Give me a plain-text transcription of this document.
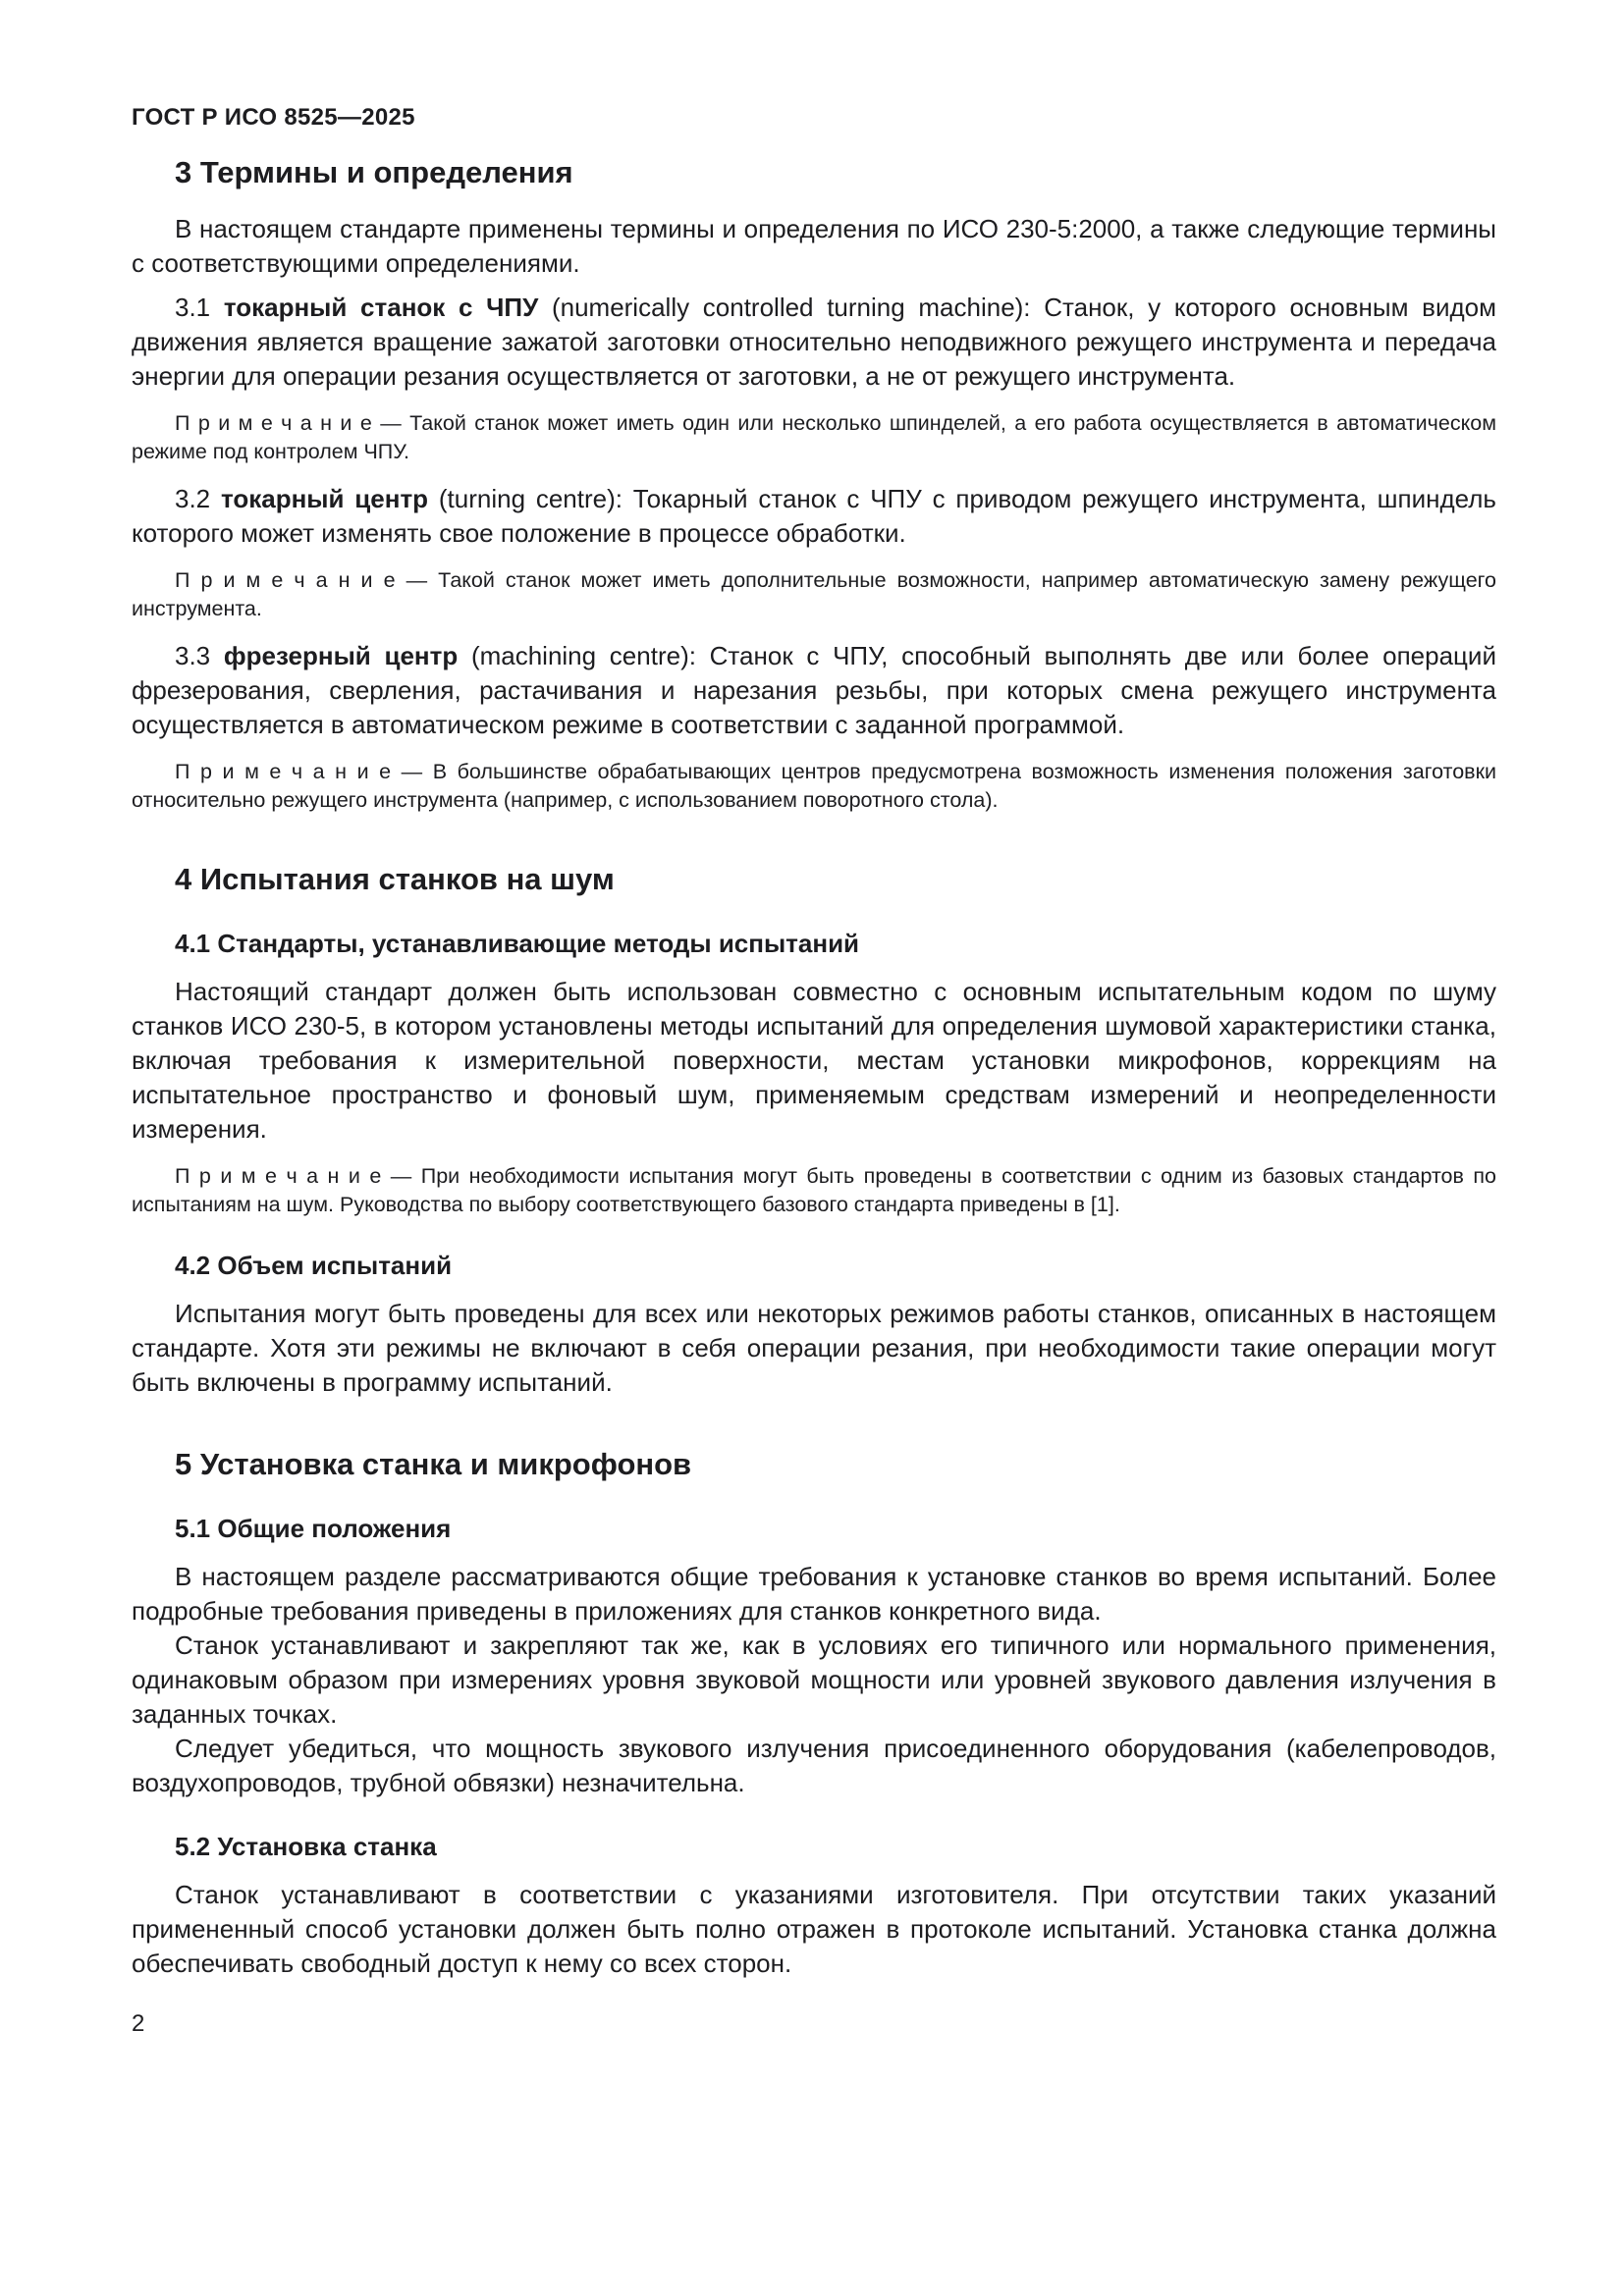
ГОСТ Р ИСО 8525—2025
3 Термины и определения

В настоящем стандарте применены термины и определения по ИСО 230-5:2000, а также следующие термины с соответствующими определениями.

3.1 токарный станок с ЧПУ (numerically controlled turning machine): Станок, у которого основным видом движения является вращение зажатой заготовки относительно неподвижного режущего инструмента и передача энергии для операции резания осуществляется от заготовки, а не от режущего инструмента.

П р и м е ч а н и е — Такой станок может иметь один или несколько шпинделей, а его работа осуществляется в автоматическом режиме под контролем ЧПУ.

3.2 токарный центр (turning centre): Токарный станок с ЧПУ с приводом режущего инструмента, шпиндель которого может изменять свое положение в процессе обработки.

П р и м е ч а н и е — Такой станок может иметь дополнительные возможности, например автоматическую замену режущего инструмента.

3.3 фрезерный центр (machining centre): Станок с ЧПУ, способный выполнять две или более операций фрезерования, сверления, растачивания и нарезания резьбы, при которых смена режущего инструмента осуществляется в автоматическом режиме в соответствии с заданной программой.

П р и м е ч а н и е — В большинстве обрабатывающих центров предусмотрена возможность изменения положения заготовки относительно режущего инструмента (например, с использованием поворотного стола).

4 Испытания станков на шум
4.1 Стандарты, устанавливающие методы испытаний

Настоящий стандарт должен быть использован совместно с основным испытательным кодом по шуму станков ИСО 230-5, в котором установлены методы испытаний для определения шумовой характеристики станка, включая требования к измерительной поверхности, местам установки микрофонов, коррекциям на испытательное пространство и фоновый шум, применяемым средствам измерений и неопределенности измерения.

П р и м е ч а н и е — При необходимости испытания могут быть проведены в соответствии с одним из базовых стандартов по испытаниям на шум. Руководства по выбору соответствующего базового стандарта приведены в [1].

4.2 Объем испытаний

Испытания могут быть проведены для всех или некоторых режимов работы станков, описанных в настоящем стандарте. Хотя эти режимы не включают в себя операции резания, при необходимости такие операции могут быть включены в программу испытаний.

5 Установка станка и микрофонов
5.1 Общие положения

В настоящем разделе рассматриваются общие требования к установке станков во время испытаний. Более подробные требования приведены в приложениях для станков конкретного вида.

Станок устанавливают и закрепляют так же, как в условиях его типичного или нормального применения, одинаковым образом при измерениях уровня звуковой мощности или уровней звукового давления излучения в заданных точках.

Следует убедиться, что мощность звукового излучения присоединенного оборудования (кабелепроводов, воздухопроводов, трубной обвязки) незначительна.

5.2 Установка станка

Станок устанавливают в соответствии с указаниями изготовителя. При отсутствии таких указаний примененный способ установки должен быть полно отражен в протоколе испытаний. Установка станка должна обеспечивать свободный доступ к нему со всех сторон.

2
